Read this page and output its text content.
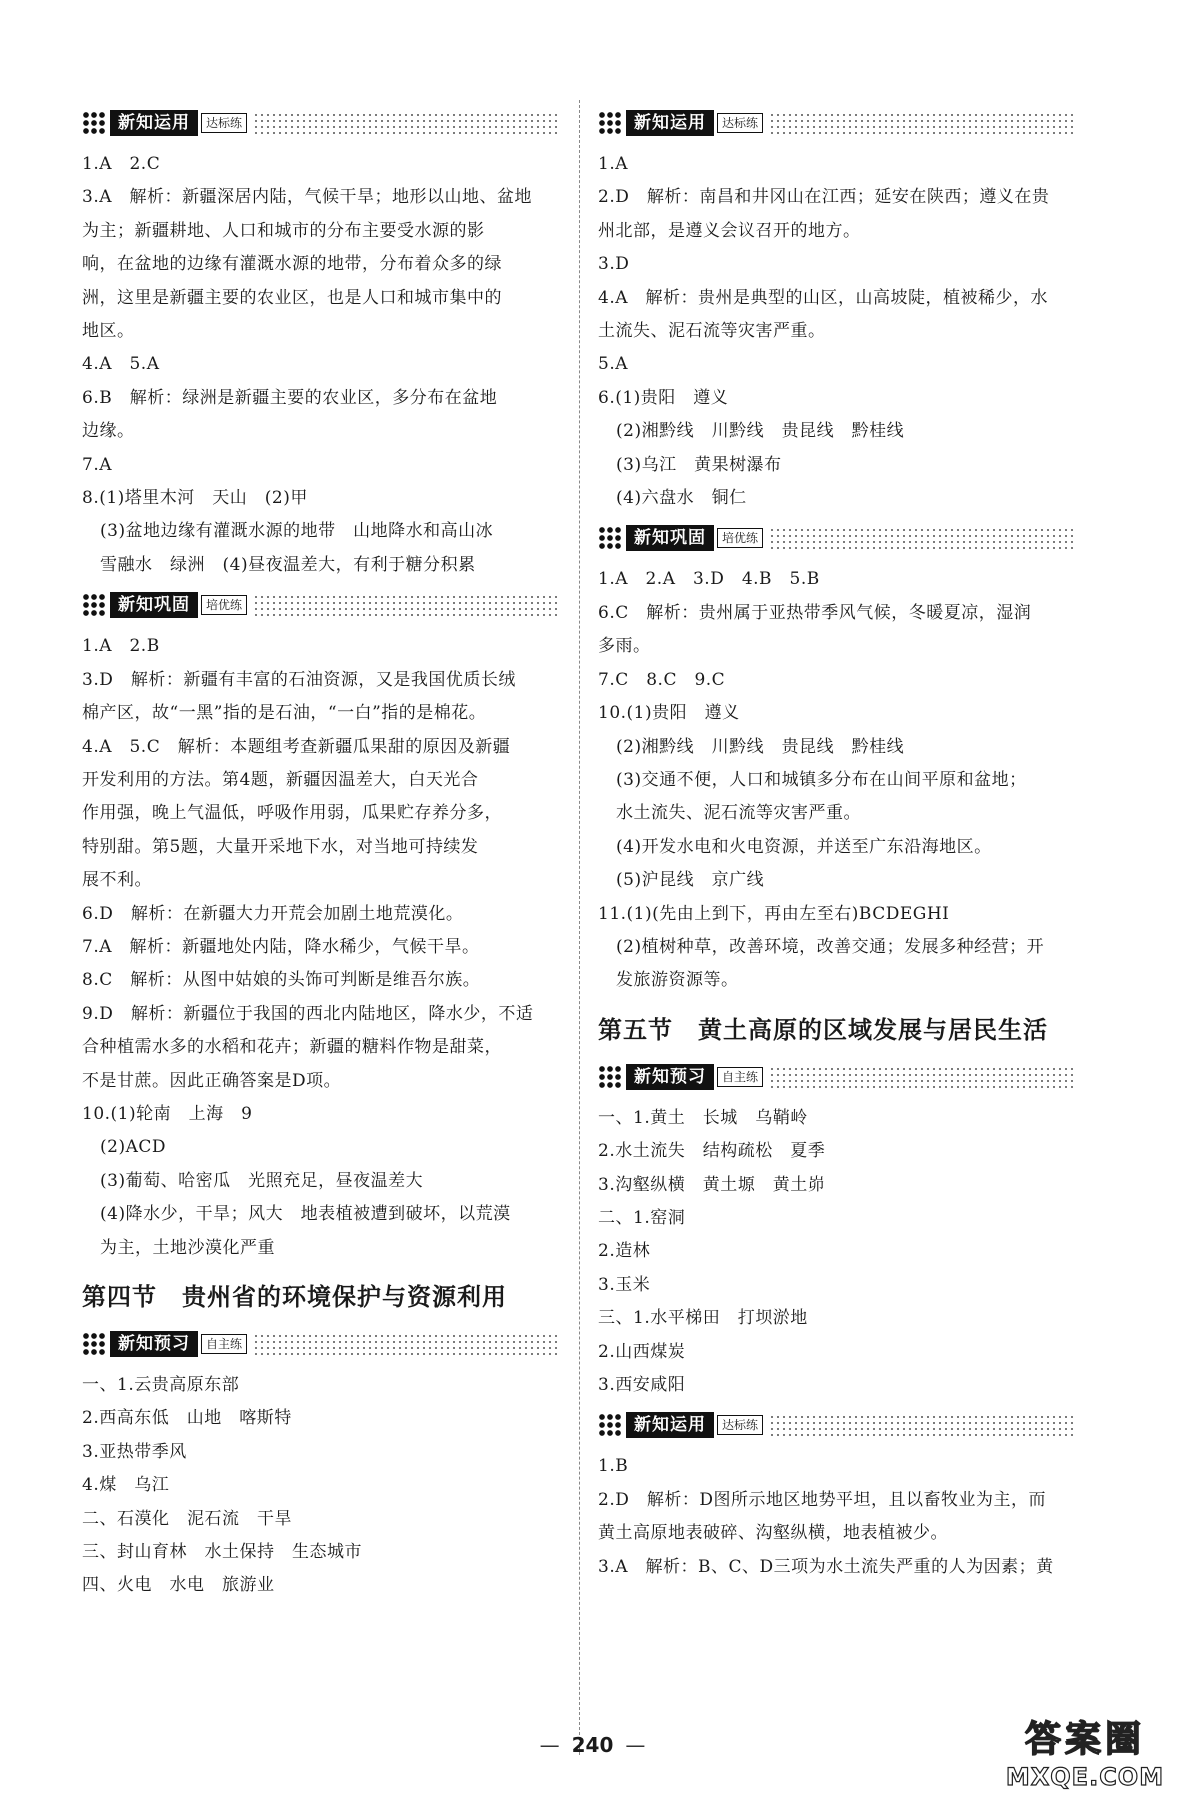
新知运用	达标练
1.A　2.C
3.A　解析：新疆深居内陆，气候干旱；地形以山地、盆地
为主；新疆耕地、人口和城市的分布主要受水源的影
响，在盆地的边缘有灌溉水源的地带，分布着众多的绿
洲，这里是新疆主要的农业区，也是人口和城市集中的
地区。
4.A　5.A
6.B　解析：绿洲是新疆主要的农业区，多分布在盆地
边缘。
7.A
8.(1)塔里木河　天山　(2)甲
(3)盆地边缘有灌溉水源的地带　山地降水和高山冰
雪融水　绿洲　(4)昼夜温差大，有利于糖分积累
新知巩固	培优练
1.A　2.B
3.D　解析：新疆有丰富的石油资源，又是我国优质长绒
棉产区，故“一黑”指的是石油，“一白”指的是棉花。
4.A　5.C　解析：本题组考查新疆瓜果甜的原因及新疆
开发利用的方法。第4题，新疆因温差大，白天光合
作用强，晚上气温低，呼吸作用弱，瓜果贮存养分多，
特别甜。第5题，大量开采地下水，对当地可持续发
展不利。
6.D　解析：在新疆大力开荒会加剧土地荒漠化。
7.A　解析：新疆地处内陆，降水稀少，气候干旱。
8.C　解析：从图中姑娘的头饰可判断是维吾尔族。
9.D　解析：新疆位于我国的西北内陆地区，降水少，不适
合种植需水多的水稻和花卉；新疆的糖料作物是甜菜，
不是甘蔗。因此正确答案是D项。
10.(1)轮南　上海　9
(2)ACD
(3)葡萄、哈密瓜　光照充足，昼夜温差大
(4)降水少，干旱；风大　地表植被遭到破坏，以荒漠
为主，土地沙漠化严重
第四节　贵州省的环境保护与资源利用
新知预习	自主练
一、1.云贵高原东部
2.西高东低　山地　喀斯特
3.亚热带季风
4.煤　乌江
二、石漠化　泥石流　干旱
三、封山育林　水土保持　生态城市
四、火电　水电　旅游业
新知运用	达标练
1.A
2.D　解析：南昌和井冈山在江西；延安在陕西；遵义在贵
州北部，是遵义会议召开的地方。
3.D
4.A　解析：贵州是典型的山区，山高坡陡，植被稀少，水
土流失、泥石流等灾害严重。
5.A
6.(1)贵阳　遵义
(2)湘黔线　川黔线　贵昆线　黔桂线
(3)乌江　黄果树瀑布
(4)六盘水　铜仁
新知巩固	培优练
1.A　2.A　3.D　4.B　5.B
6.C　解析：贵州属于亚热带季风气候，冬暖夏凉，湿润
多雨。
7.C　8.C　9.C
10.(1)贵阳　遵义
(2)湘黔线　川黔线　贵昆线　黔桂线
(3)交通不便，人口和城镇多分布在山间平原和盆地；
水土流失、泥石流等灾害严重。
(4)开发水电和火电资源，并送至广东沿海地区。
(5)沪昆线　京广线
11.(1)(先由上到下，再由左至右)BCDEGHI
(2)植树种草，改善环境，改善交通；发展多种经营；开
发旅游资源等。
第五节　黄土高原的区域发展与居民生活
新知预习	自主练
一、1.黄土　长城　乌鞘岭
2.水土流失　结构疏松　夏季
3.沟壑纵横　黄土塬　黄土峁
二、1.窑洞
2.造林
3.玉米
三、1.水平梯田　打坝淤地
2.山西煤炭
3.西安咸阳
新知运用	达标练
1.B
2.D　解析：D图所示地区地势平坦，且以畜牧业为主，而
黄土高原地表破碎、沟壑纵横，地表植被少。
3.A　解析：B、C、D三项为水土流失严重的人为因素；黄
— 240 —	答案圈
MXQE.COM
